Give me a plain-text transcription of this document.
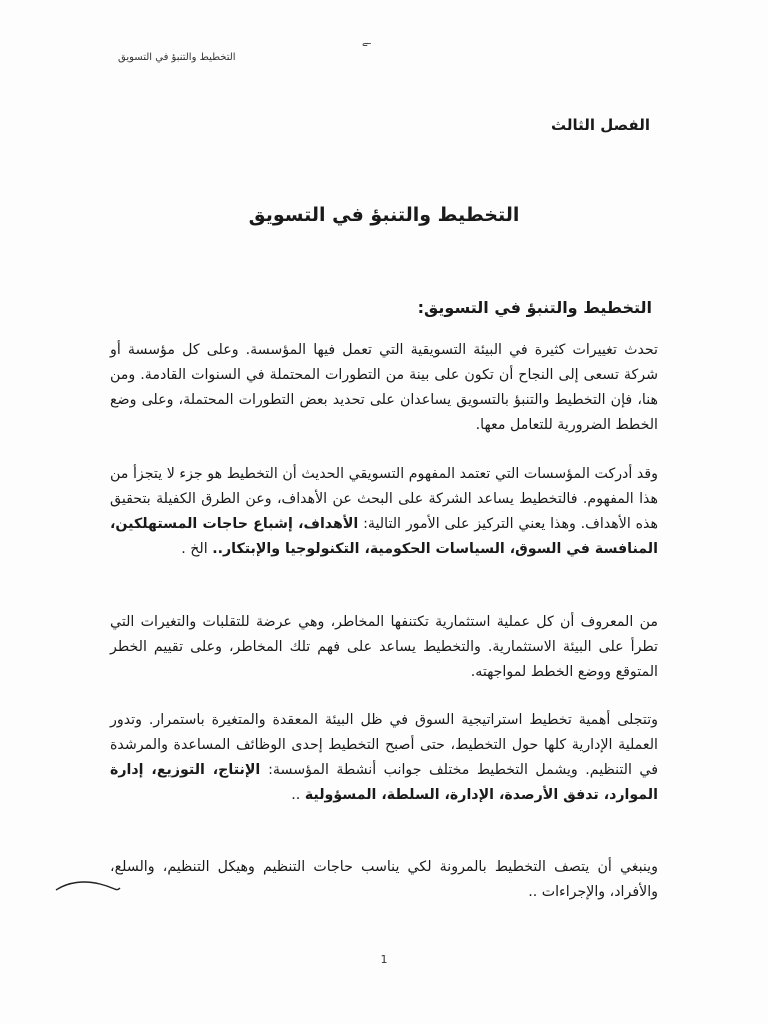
التخطيط والتنبؤ في التسويق
ـے
الفصل الثالث
التخطيط والتنبؤ في التسويق
التخطيط والتنبؤ في التسويق:

تحدث تغييرات كثيرة في البيئة التسويقية التي تعمل فيها المؤسسة. وعلى كل مؤسسة أو شركة تسعى إلى النجاح أن تكون على بينة من التطورات المحتملة في السنوات القادمة. ومن هنا، فإن التخطيط والتنبؤ بالتسويق يساعدان على تحديد بعض التطورات المحتملة، وعلى وضع الخطط الضرورية للتعامل معها.

وقد أدركت المؤسسات التي تعتمد المفهوم التسويقي الحديث أن التخطيط هو جزء لا يتجزأ من هذا المفهوم. فالتخطيط يساعد الشركة على البحث عن الأهداف، وعن الطرق الكفيلة بتحقيق هذه الأهداف. وهذا يعني التركيز على الأمور التالية: الأهداف، إشباع حاجات المستهلكين، المنافسة في السوق، السياسات الحكومية، التكنولوجيا والإبتكار.. الخ .

من المعروف أن كل عملية استثمارية تكتنفها المخاطر، وهي عرضة للتقلبات والتغيرات التي تطرأ على البيئة الاستثمارية. والتخطيط يساعد على فهم تلك المخاطر، وعلى تقييم الخطر المتوقع ووضع الخطط لمواجهته.

وتتجلى أهمية تخطيط استراتيجية السوق في ظل البيئة المعقدة والمتغيرة باستمرار. وتدور العملية الإدارية كلها حول التخطيط، حتى أصبح التخطيط إحدى الوظائف المساعدة والمرشدة في التنظيم. ويشمل التخطيط مختلف جوانب أنشطة المؤسسة: الإنتاج، التوزيع، إدارة الموارد، تدفق الأرصدة، الإدارة، السلطة، المسؤولية ..

وينبغي أن يتصف التخطيط بالمرونة لكي يناسب حاجات التنظيم وهيكل التنظيم، والسلع، والأفراد، والإجراءات ..

1
